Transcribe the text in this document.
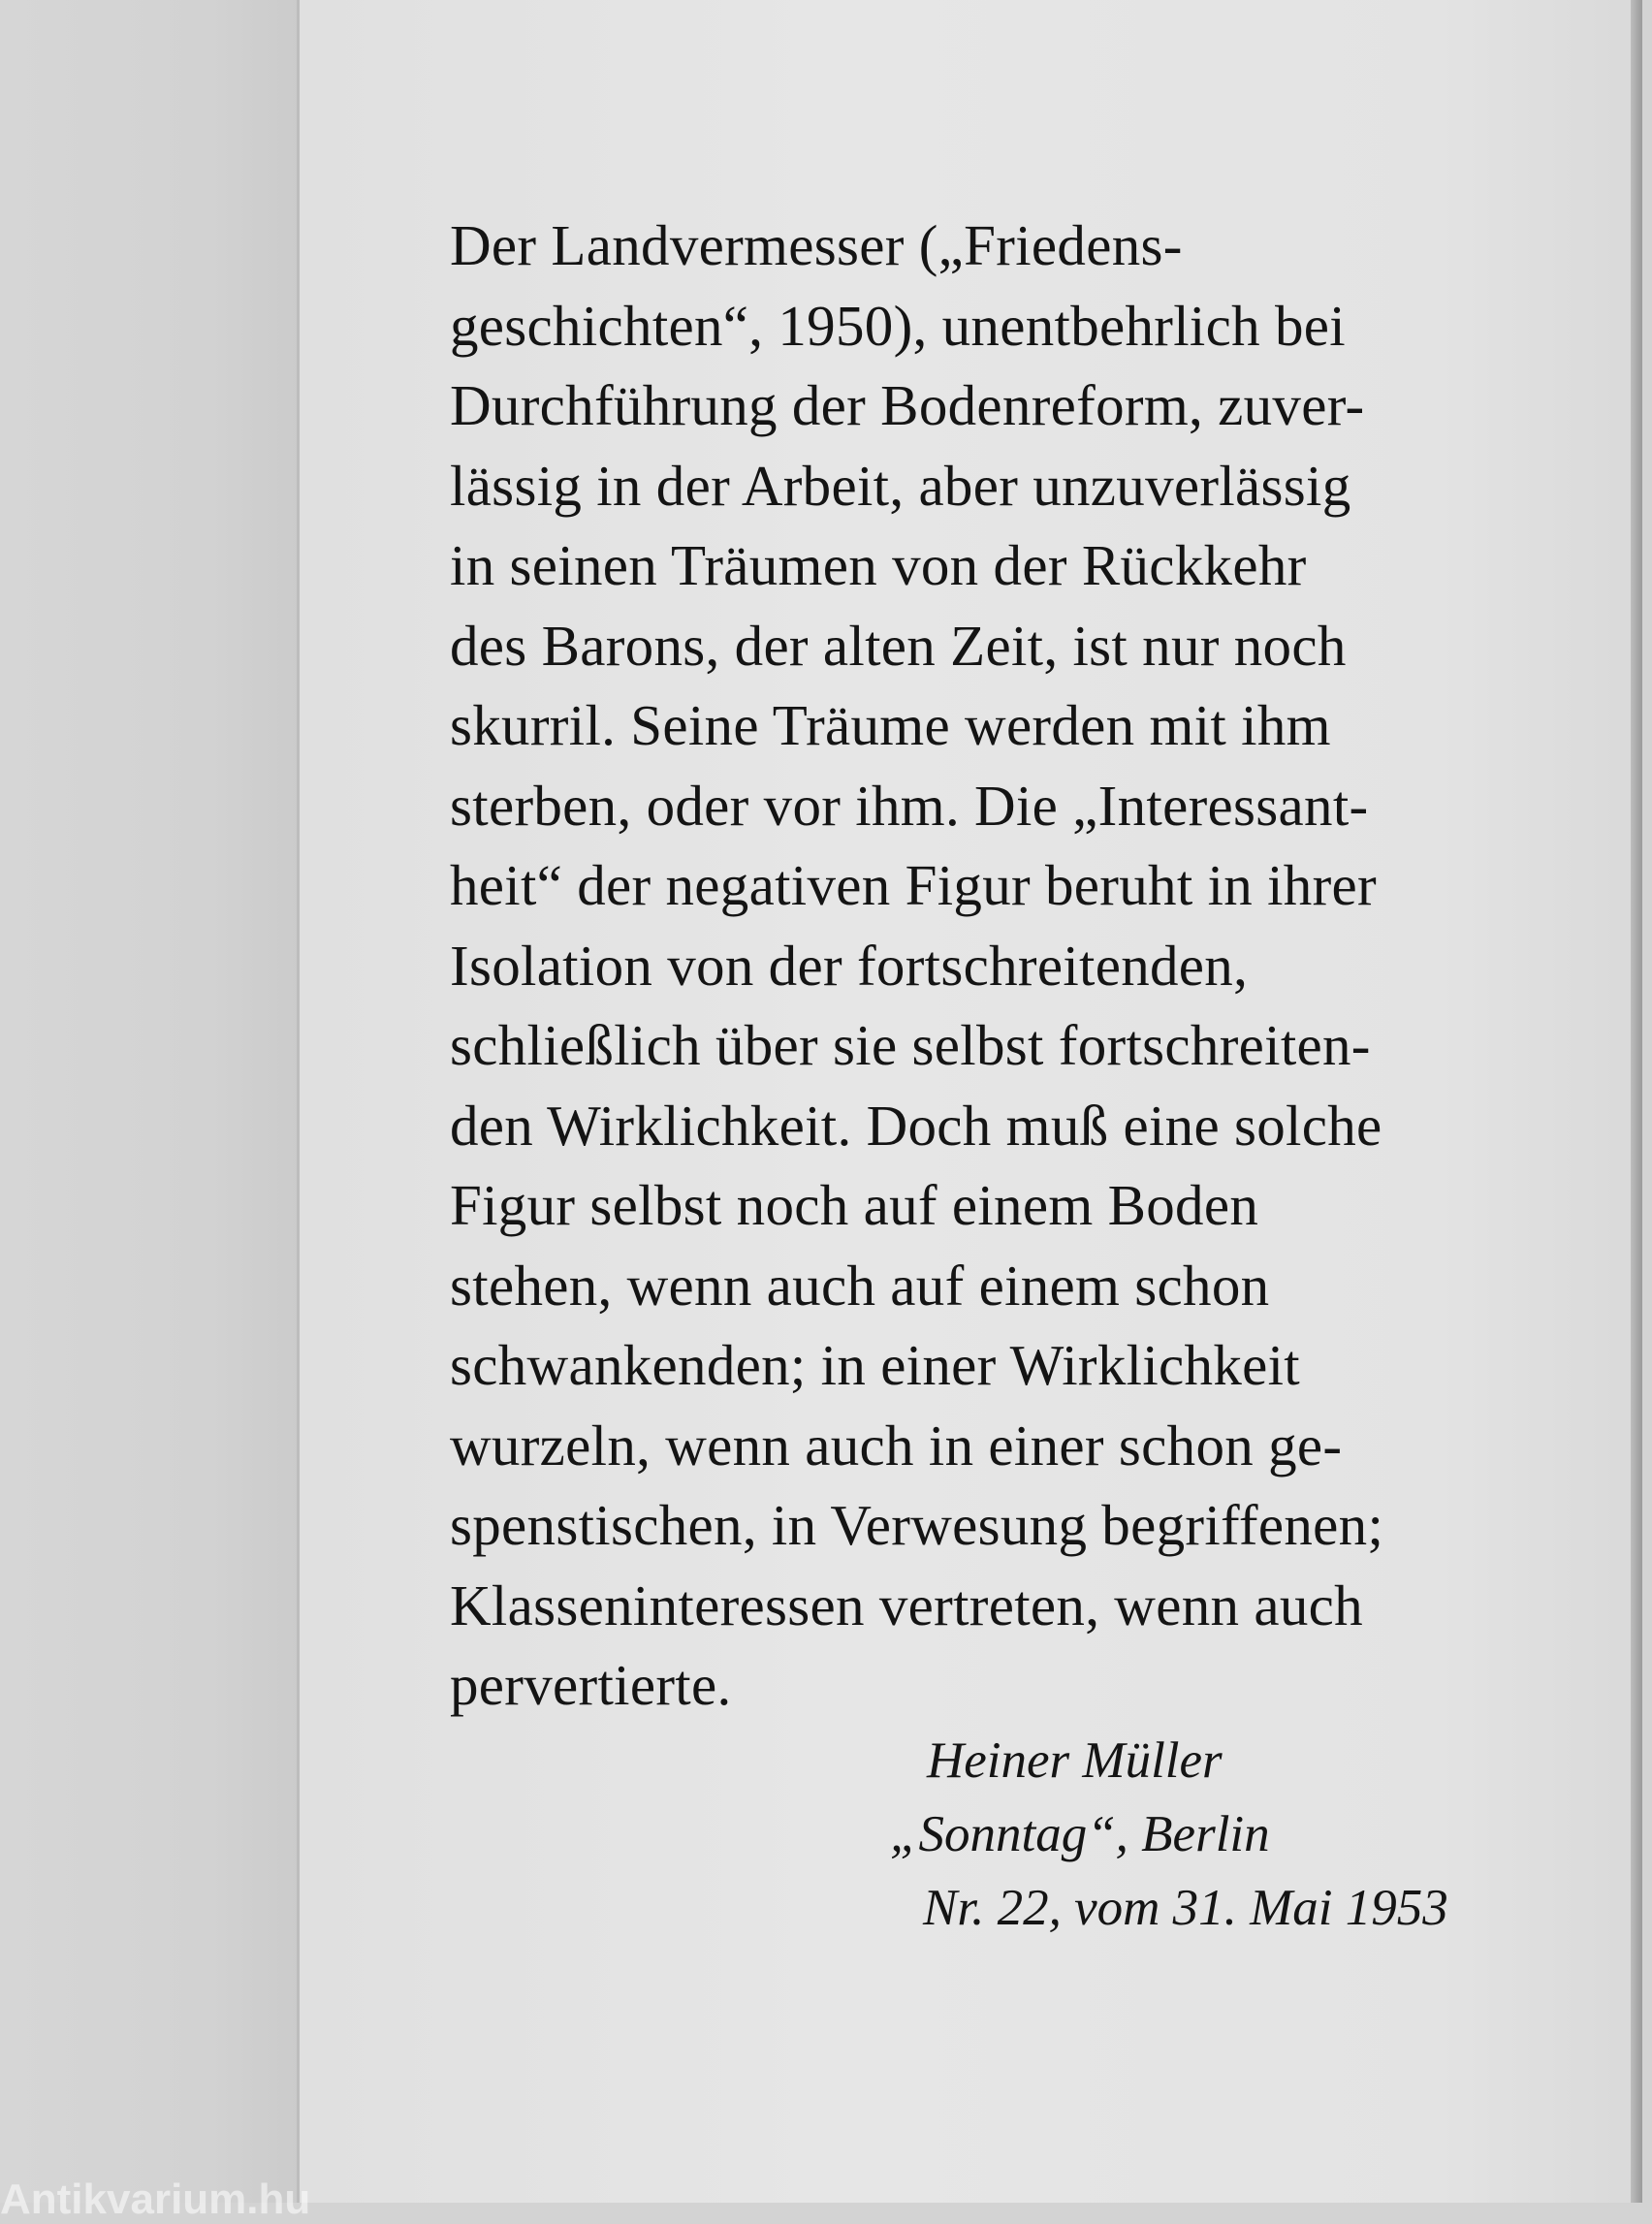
Der Landvermesser („Friedens-
geschichten“, 1950), unentbehrlich bei
Durchführung der Bodenreform, zuver-
lässig in der Arbeit, aber unzuverlässig
in seinen Träumen von der Rückkehr
des Barons, der alten Zeit, ist nur noch
skurril. Seine Träume werden mit ihm
sterben, oder vor ihm. Die „Interessant-
heit“ der negativen Figur beruht in ihrer
Isolation von der fortschreitenden,
schließlich über sie selbst fortschreiten-
den Wirklichkeit. Doch muß eine solche
Figur selbst noch auf einem Boden
stehen, wenn auch auf einem schon
schwankenden; in einer Wirklichkeit
wurzeln, wenn auch in einer schon ge-
spenstischen, in Verwesung begriffenen;
Klasseninteressen vertreten, wenn auch
pervertierte.
Heiner Müller
„Sonntag“, Berlin
Nr. 22, vom 31. Mai 1953
Antikvarium.hu
